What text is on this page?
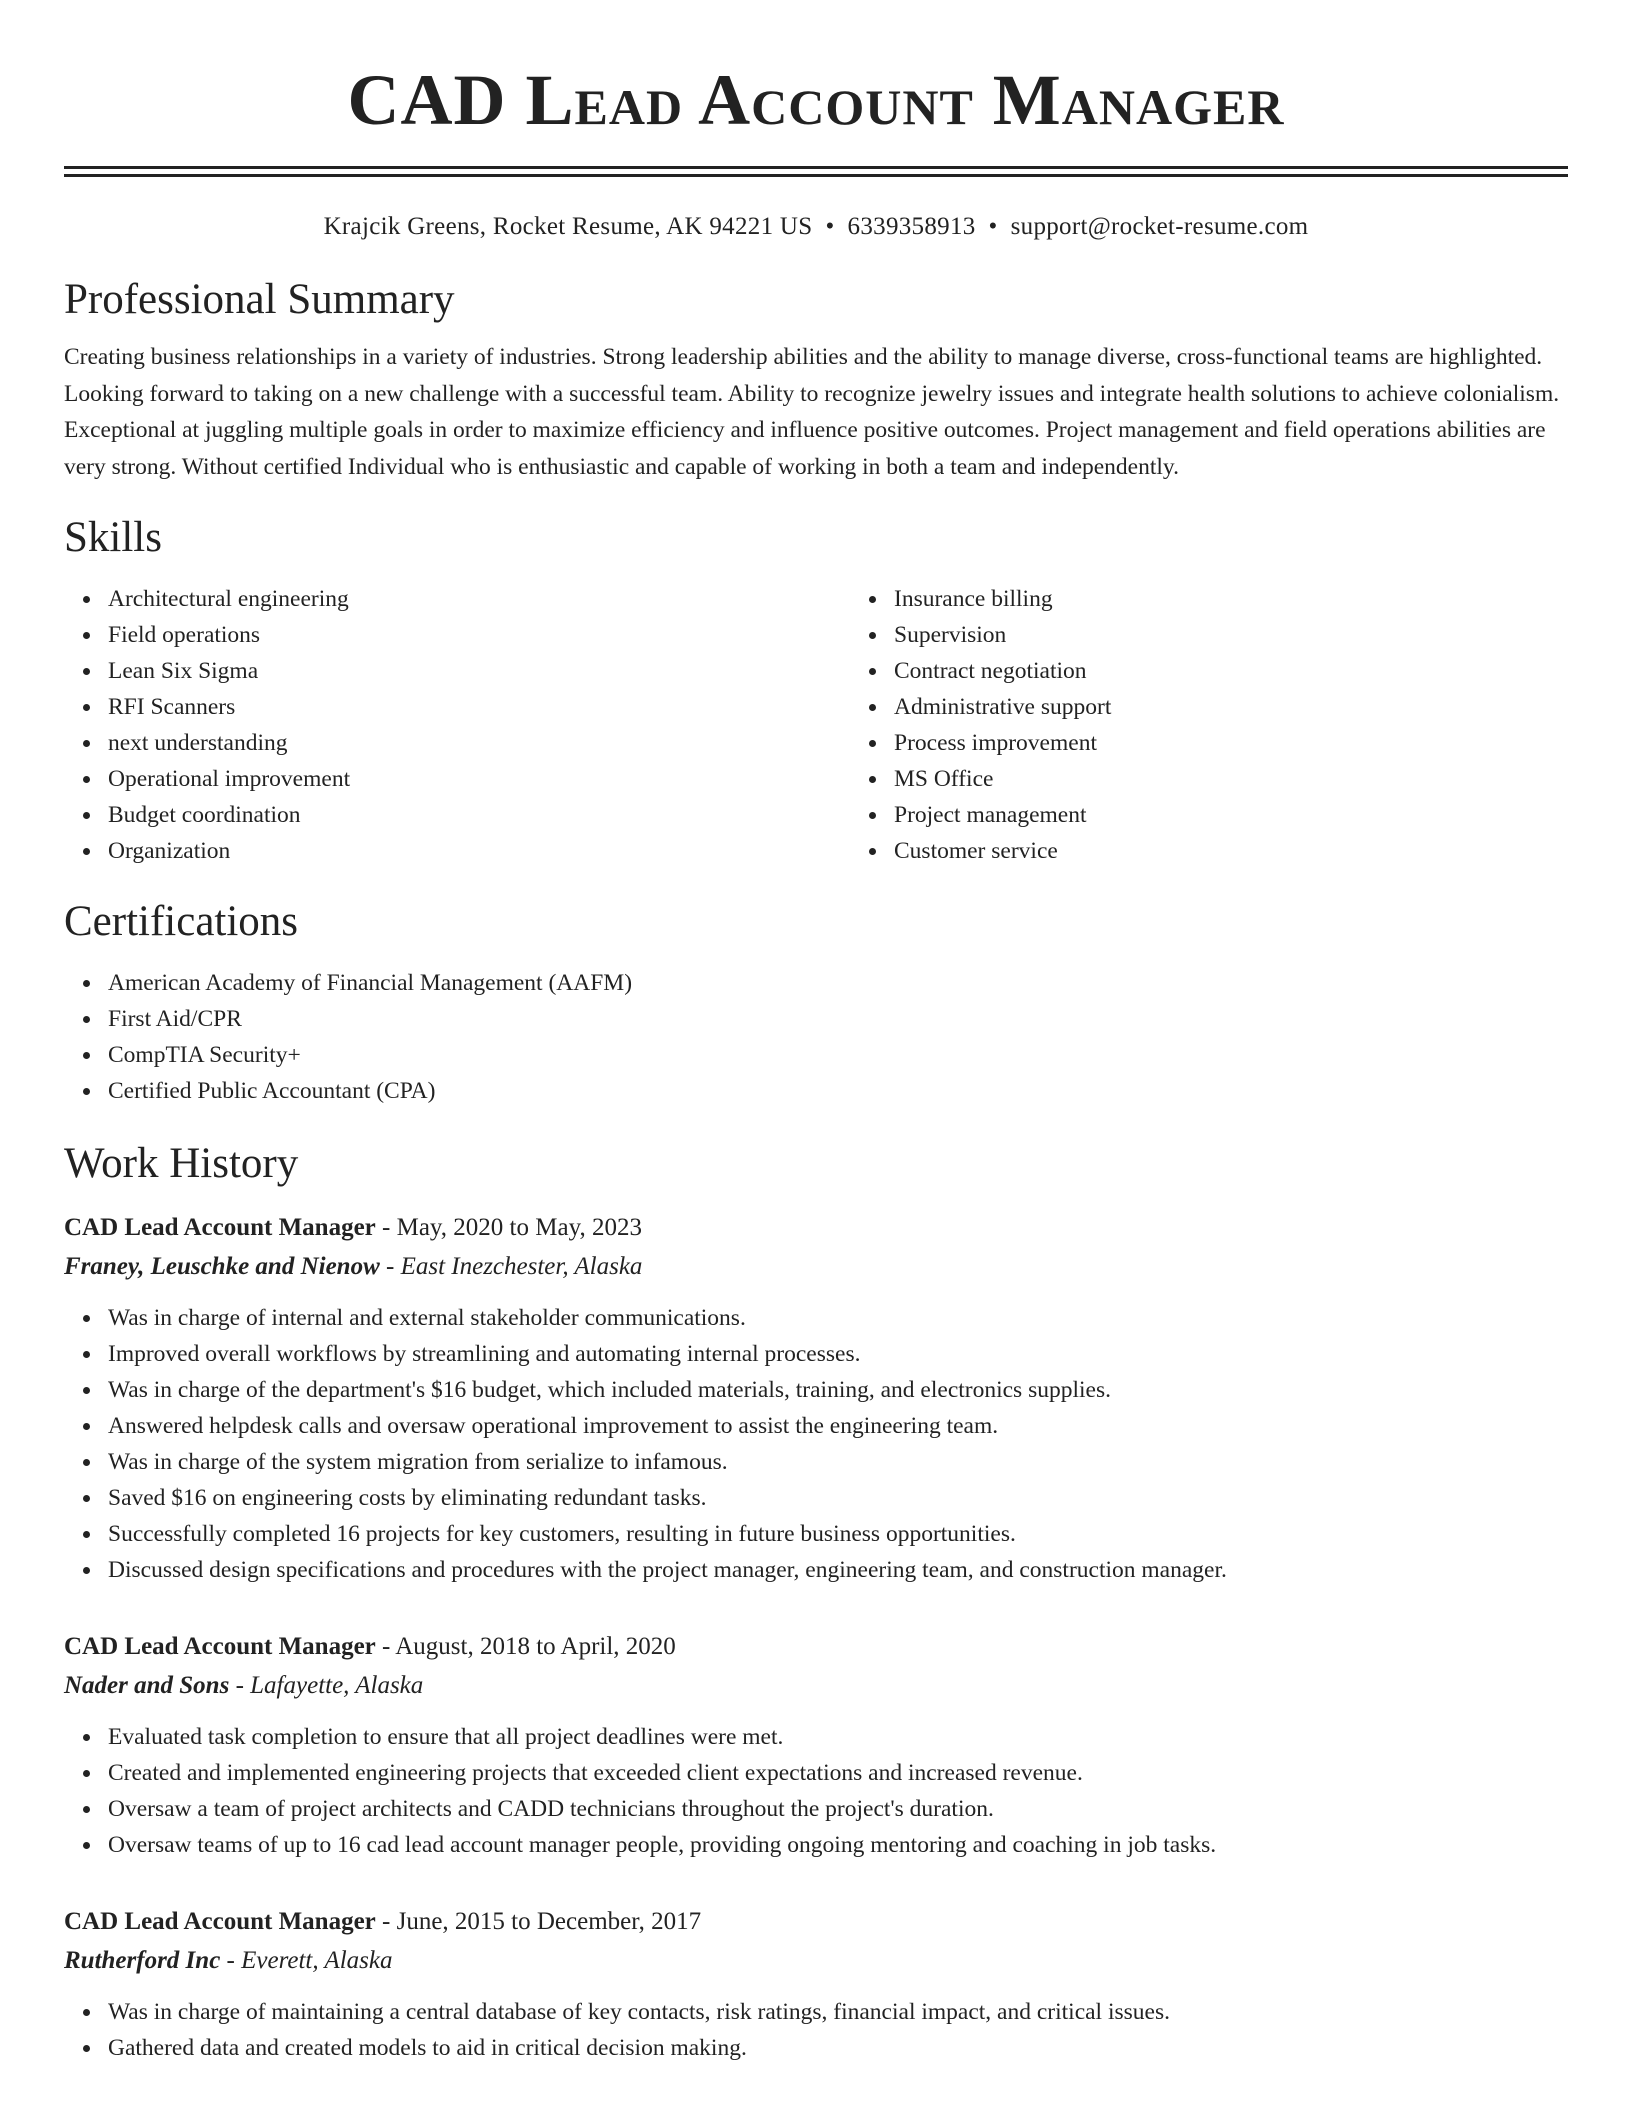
CAD Lead Account Manager
Krajcik Greens, Rocket Resume, AK 94221 US • 6339358913 • support@rocket-resume.com
Professional Summary

Creating business relationships in a variety of industries. Strong leadership abilities and the ability to manage diverse, cross-functional teams are highlighted. Looking forward to taking on a new challenge with a successful team. Ability to recognize jewelry issues and integrate health solutions to achieve colonialism. Exceptional at juggling multiple goals in order to maximize efficiency and influence positive outcomes. Project management and field operations abilities are very strong. Without certified Individual who is enthusiastic and capable of working in both a team and independently.

Skills
Architectural engineering
Field operations
Lean Six Sigma
RFI Scanners
next understanding
Operational improvement
Budget coordination
Organization
Insurance billing
Supervision
Contract negotiation
Administrative support
Process improvement
MS Office
Project management
Customer service
Certifications
American Academy of Financial Management (AAFM)
First Aid/CPR
CompTIA Security+
Certified Public Accountant (CPA)
Work History
CAD Lead Account Manager - May, 2020 to May, 2023
Franey, Leuschke and Nienow - East Inezchester, Alaska
Was in charge of internal and external stakeholder communications.
Improved overall workflows by streamlining and automating internal processes.
Was in charge of the department's $16 budget, which included materials, training, and electronics supplies.
Answered helpdesk calls and oversaw operational improvement to assist the engineering team.
Was in charge of the system migration from serialize to infamous.
Saved $16 on engineering costs by eliminating redundant tasks.
Successfully completed 16 projects for key customers, resulting in future business opportunities.
Discussed design specifications and procedures with the project manager, engineering team, and construction manager.
CAD Lead Account Manager - August, 2018 to April, 2020
Nader and Sons - Lafayette, Alaska
Evaluated task completion to ensure that all project deadlines were met.
Created and implemented engineering projects that exceeded client expectations and increased revenue.
Oversaw a team of project architects and CADD technicians throughout the project's duration.
Oversaw teams of up to 16 cad lead account manager people, providing ongoing mentoring and coaching in job tasks.
CAD Lead Account Manager - June, 2015 to December, 2017
Rutherford Inc - Everett, Alaska
Was in charge of maintaining a central database of key contacts, risk ratings, financial impact, and critical issues.
Gathered data and created models to aid in critical decision making.
